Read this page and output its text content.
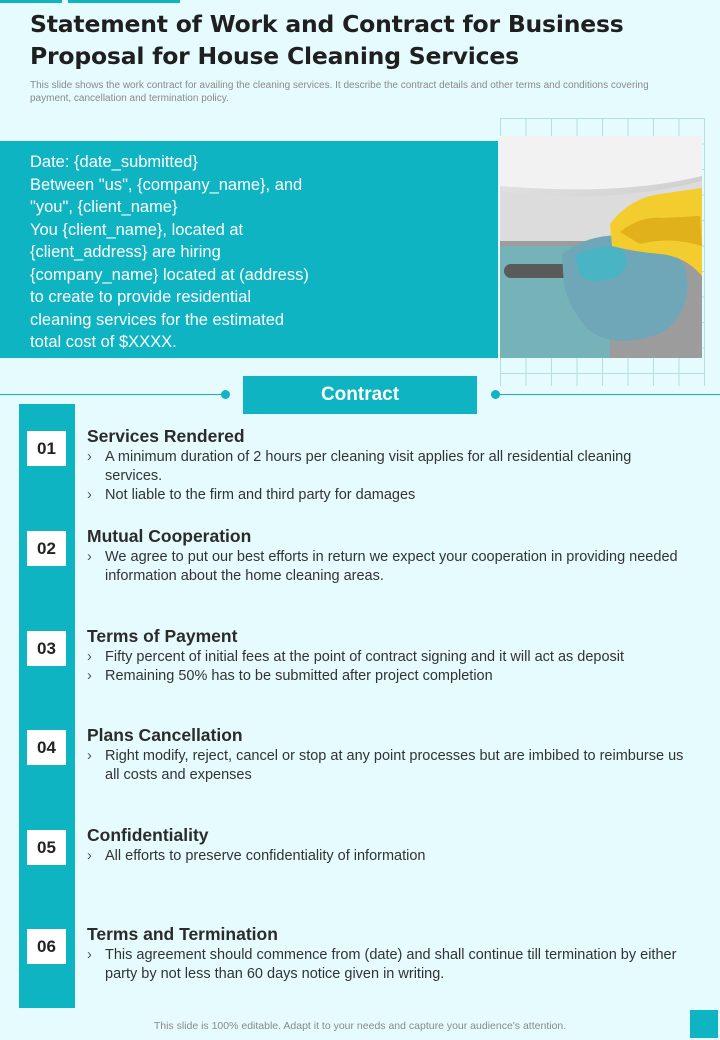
Statement of Work and Contract for Business Proposal for House Cleaning Services

This slide shows the work contract for availing the cleaning services. It describe the contract details and other terms and conditions covering payment, cancellation and termination policy.

Date: {date_submitted}
Between "us", {company_name}, and
"you", {client_name}
You {client_name}, located at
{client_address} are hiring
{company_name} located at (address)
to create to provide residential
cleaning services for the estimated
total cost of $XXXX.
Contract
01
Services Rendered
› A minimum duration of 2 hours per cleaning visit applies for all residential cleaning services.
› Not liable to the firm and third party for damages
02
Mutual Cooperation
› We agree to put our best efforts in return we expect your cooperation in providing needed information about the home cleaning areas.
03
Terms of Payment
› Fifty percent of initial fees at the point of contract signing and it will act as deposit
› Remaining 50% has to be submitted after project completion
04
Plans Cancellation
› Right modify, reject, cancel or stop at any point processes but are imbibed to reimburse us all costs and expenses
05
Confidentiality
› All efforts to preserve confidentiality of information
06
Terms and Termination
› This agreement should commence from (date) and shall continue till termination by either party by not less than 60 days notice given in writing.
This slide is 100% editable. Adapt it to your needs and capture your audience's attention.
